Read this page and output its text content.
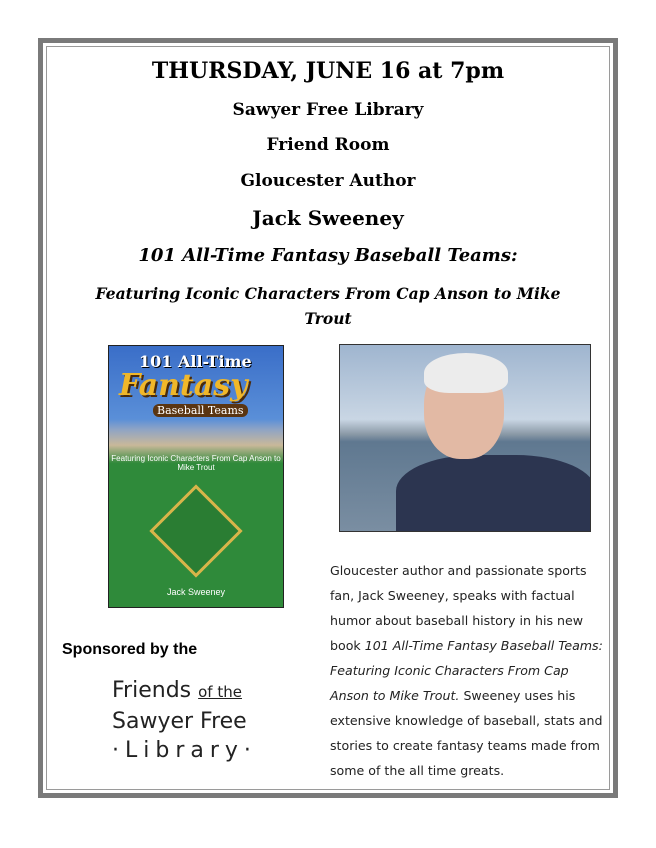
THURSDAY, JUNE 16 at 7pm
Sawyer Free Library
Friend Room
Gloucester Author
Jack Sweeney
101 All-Time Fantasy Baseball Teams:
Featuring Iconic Characters From Cap Anson to Mike
Trout
101 All-Time
Fantasy
Baseball Teams
Featuring Iconic Characters From Cap Anson to Mike Trout
Jack Sweeney
Gloucester author and passionate sports fan, Jack Sweeney, speaks with factual humor about baseball history in his new book 101 All-Time Fantasy Baseball Teams: Featuring Iconic Characters From Cap Anson to Mike Trout. Sweeney uses his extensive knowledge of baseball, stats and stories to create fantasy teams made from some of the all time greats.
Sponsored by the
Friends of the
Sawyer Free
·Library·
